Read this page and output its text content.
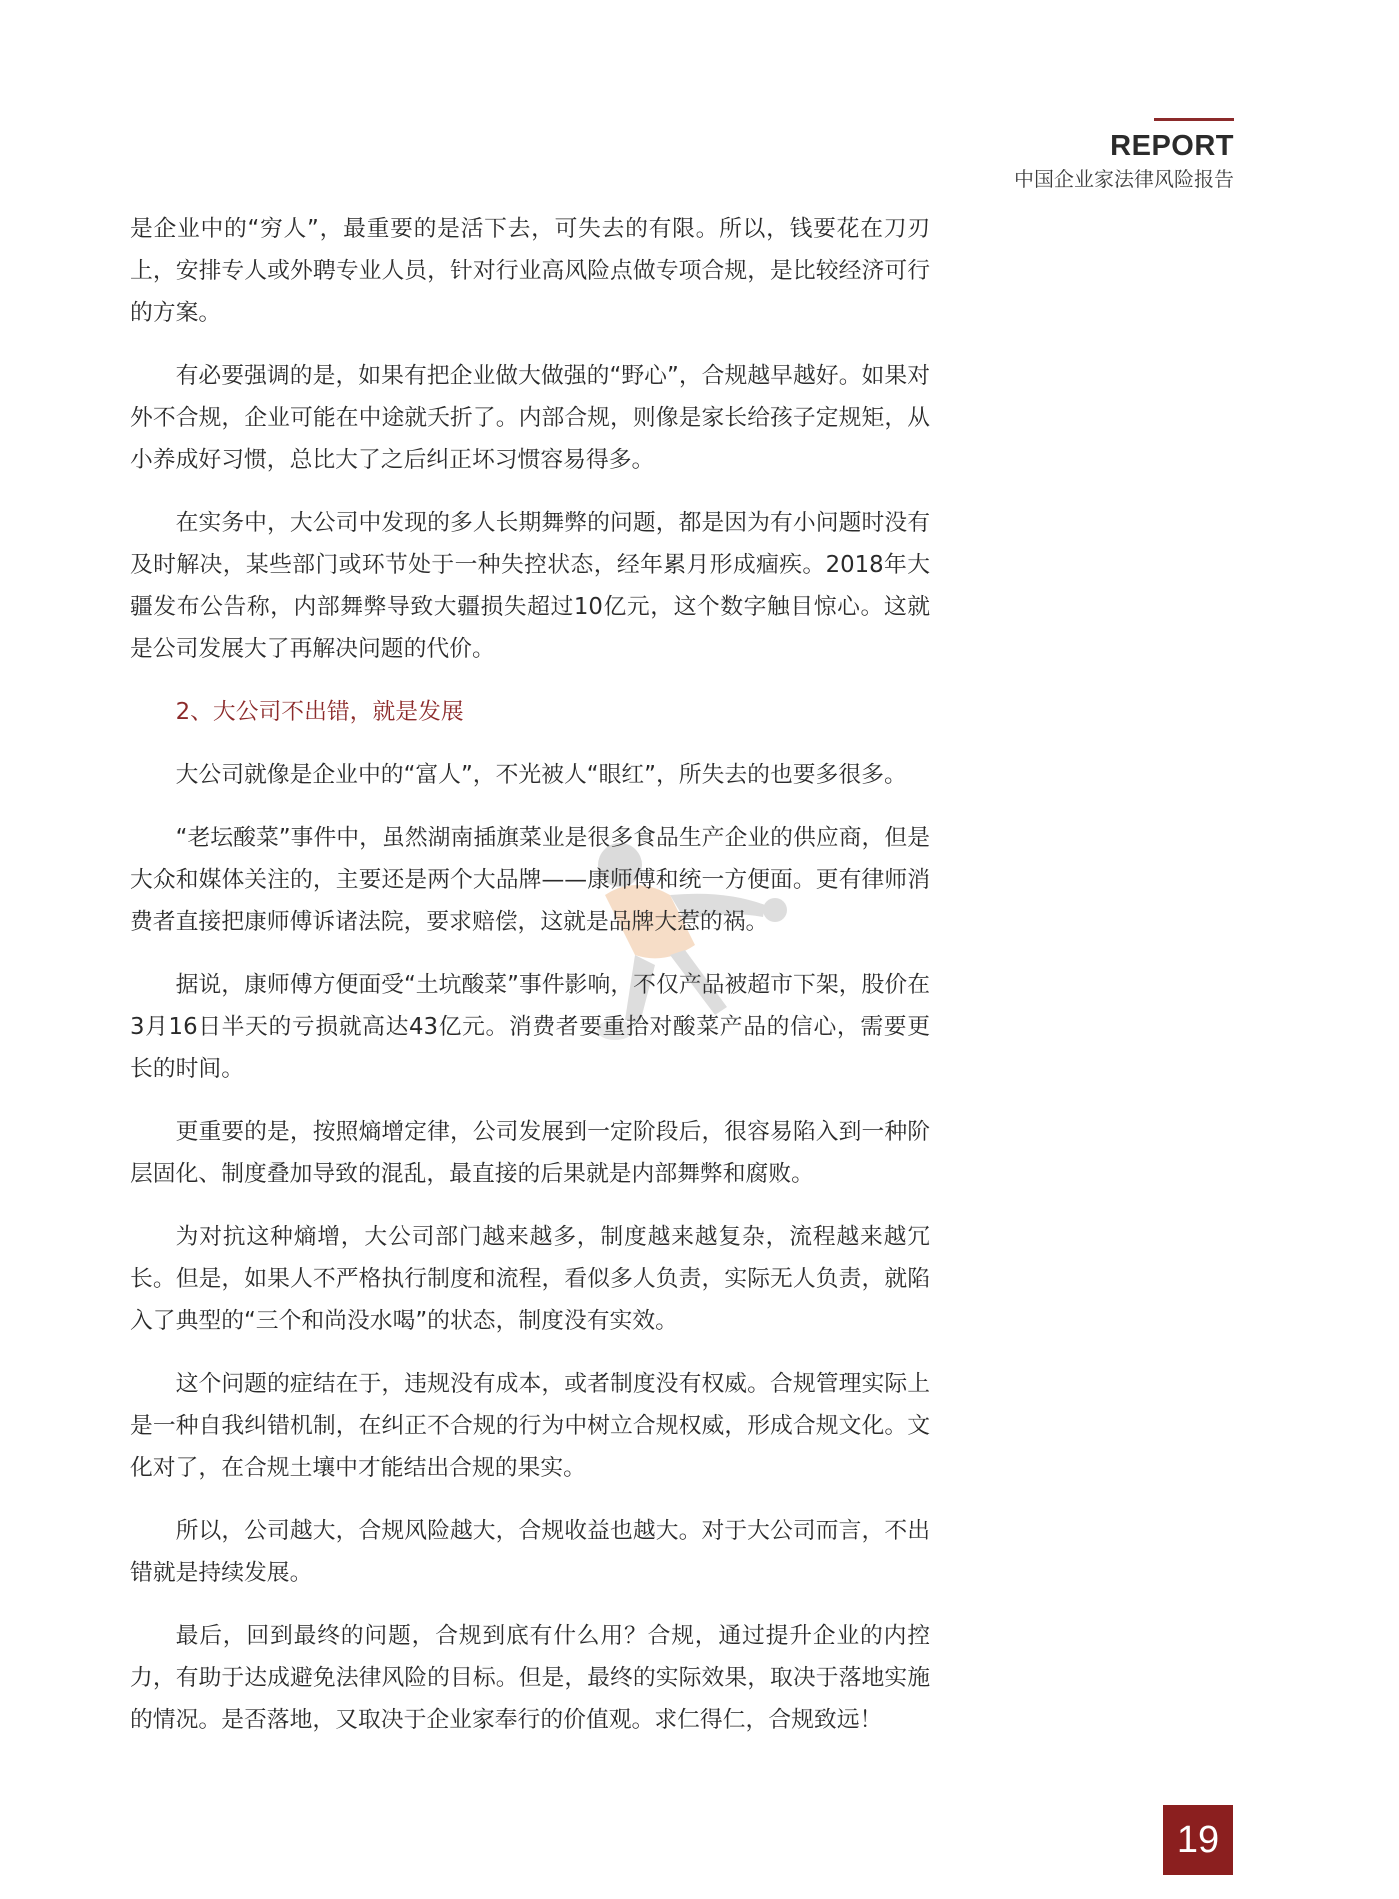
REPORT
中国企业家法律风险报告

是企业中的“穷人”，最重要的是活下去，可失去的有限。所以，钱要花在刀刃上，安排专人或外聘专业人员，针对行业高风险点做专项合规，是比较经济可行的方案。

有必要强调的是，如果有把企业做大做强的“野心”，合规越早越好。如果对外不合规，企业可能在中途就夭折了。内部合规，则像是家长给孩子定规矩，从小养成好习惯，总比大了之后纠正坏习惯容易得多。

在实务中，大公司中发现的多人长期舞弊的问题，都是因为有小问题时没有及时解决，某些部门或环节处于一种失控状态，经年累月形成痼疾。2018年大疆发布公告称，内部舞弊导致大疆损失超过10亿元，这个数字触目惊心。这就是公司发展大了再解决问题的代价。

2、大公司不出错，就是发展

大公司就像是企业中的“富人”，不光被人“眼红”，所失去的也要多很多。

“老坛酸菜”事件中，虽然湖南插旗菜业是很多食品生产企业的供应商，但是大众和媒体关注的，主要还是两个大品牌——康师傅和统一方便面。更有律师消费者直接把康师傅诉诸法院，要求赔偿，这就是品牌大惹的祸。

据说，康师傅方便面受“土坑酸菜”事件影响，不仅产品被超市下架，股价在3月16日半天的亏损就高达43亿元。消费者要重拾对酸菜产品的信心，需要更长的时间。

更重要的是，按照熵增定律，公司发展到一定阶段后，很容易陷入到一种阶层固化、制度叠加导致的混乱，最直接的后果就是内部舞弊和腐败。

为对抗这种熵增，大公司部门越来越多，制度越来越复杂，流程越来越冗长。但是，如果人不严格执行制度和流程，看似多人负责，实际无人负责，就陷入了典型的“三个和尚没水喝”的状态，制度没有实效。

这个问题的症结在于，违规没有成本，或者制度没有权威。合规管理实际上是一种自我纠错机制，在纠正不合规的行为中树立合规权威，形成合规文化。文化对了，在合规土壤中才能结出合规的果实。

所以，公司越大，合规风险越大，合规收益也越大。对于大公司而言，不出错就是持续发展。

最后，回到最终的问题，合规到底有什么用？合规，通过提升企业的内控力，有助于达成避免法律风险的目标。但是，最终的实际效果，取决于落地实施的情况。是否落地，又取决于企业家奉行的价值观。求仁得仁，合规致远！

19
